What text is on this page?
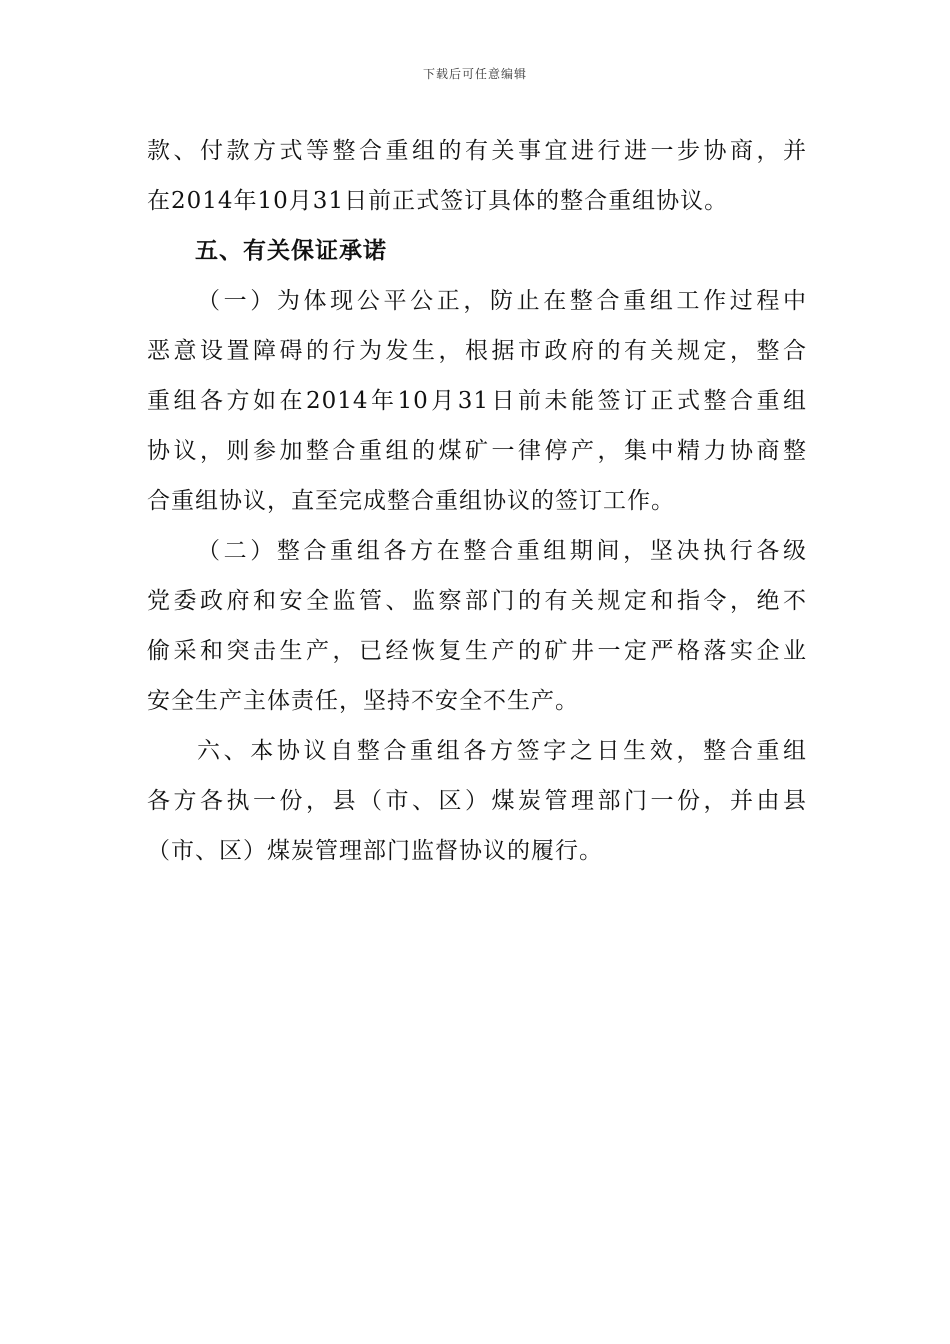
下载后可任意编辑
款、付款方式等整合重组的有关事宜进行进一步协商，并
在2014年10月31日前正式签订具体的整合重组协议。
五、有关保证承诺
（一）为体现公平公正，防止在整合重组工作过程中
恶意设置障碍的行为发生，根据市政府的有关规定，整合
重组各方如在2014年10月31日前未能签订正式整合重组
协议，则参加整合重组的煤矿一律停产，集中精力协商整
合重组协议，直至完成整合重组协议的签订工作。
（二）整合重组各方在整合重组期间，坚决执行各级
党委政府和安全监管、监察部门的有关规定和指令，绝不
偷采和突击生产，已经恢复生产的矿井一定严格落实企业
安全生产主体责任，坚持不安全不生产。
六、本协议自整合重组各方签字之日生效，整合重组
各方各执一份，县（市、区）煤炭管理部门一份，并由县
（市、区）煤炭管理部门监督协议的履行。
